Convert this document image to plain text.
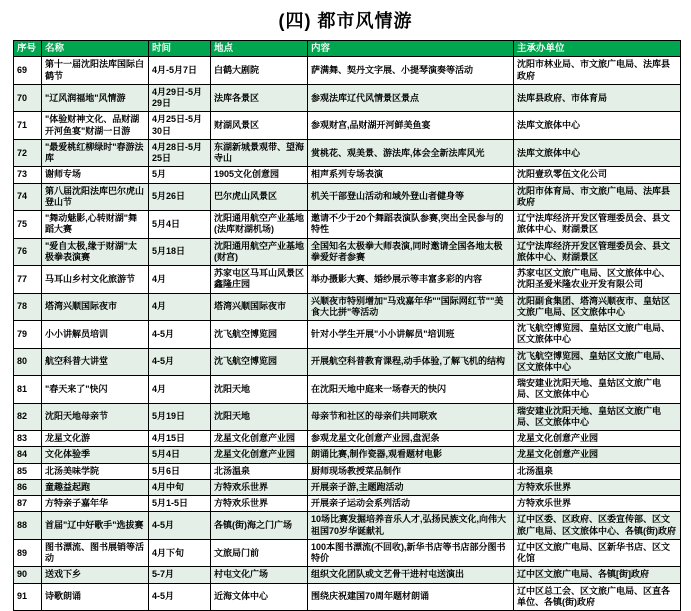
(四) 都市风情游
序号	名称	时间	地点	内容	主承办单位
69	第十一届沈阳法库国际白鹤节	4月-5月7日	白鹤大剧院	萨满舞、契丹文字展、小提琴演奏等活动	沈阳市林业局、市文旅广电局、法库县政府
70	"辽风润福地"风情游	4月29日-5月29日	法库各景区	参观法库辽代风情景区景点	法库县政府、市体育局
71	"体验财神文化、品财湖开河鱼宴"财湖一日游	4月25日-5月30日	财湖风景区	参观财宫,品财湖开河鲜美鱼宴	法库文旅体中心
72	"最爱桃红柳绿时"春游法库	4月28日-5月25日	东湖新城景观带、望海寺山	赏桃花、观美景、游法库,体会全新法库风光	法库文旅体中心
73	谢师专场	5月	1905文化创意园	相声系列专场表演	沈阳壹玖零伍文化公司
74	第八届沈阳法库巴尔虎山登山节	5月26日	巴尔虎山风景区	机关干部登山活动和域外登山者健身等	沈阳市体育局、市文旅广电局、法库县政府
75	"舞动魅影,心转财湖"舞蹈大赛	5月4日	沈阳通用航空产业基地(法库财湖机场)	邀请不少于20个舞蹈表演队参赛,突出全民参与的特性	辽宁法库经济开发区管理委员会、县文旅体中心、财湖景区
76	"爱自太极,缘于财湖"太极拳表演赛	5月18日	沈阳通用航空产业基地(财宫)	全国知名太极拳大师表演,同时邀请全国各地太极拳爱好者参赛	辽宁法库经济开发区管理委员会、县文旅体中心、财湖景区
77	马耳山乡村文化旅游节	4月	苏家屯区马耳山风景区鑫隆庄园	举办摄影大赛、婚纱展示等丰富多彩的内容	苏家屯区文旅广电局、区文旅体中心、沈阳圣爱米隆农业开发有限公司
78	塔湾兴顺国际夜市	4月	塔湾兴顺国际夜市	兴顺夜市特别增加"马戏嘉年华""国际网红节""美食大比拼"等活动	沈阳副食集团、塔湾兴顺夜市、皇姑区文旅广电局、区文旅体中心
79	小小讲解员培训	4-5月	沈飞航空博览园	针对小学生开展"小小讲解员"培训班	沈飞航空博览园、皇姑区文旅广电局、区文旅体中心
80	航空科普大讲堂	4-5月	沈飞航空博览园	开展航空科普教育课程,动手体验,了解飞机的结构	沈飞航空博览园、皇姑区文旅广电局、区文旅体中心
81	"春天来了"快闪	4月	沈阳天地	在沈阳天地中庭来一场春天的快闪	瑞安建业沈阳天地、皇姑区文旅广电局、区文旅体中心
82	沈阳天地母亲节	5月19日	沈阳天地	母亲节和社区的母亲们共同联欢	瑞安建业沈阳天地、皇姑区文旅广电局、区文旅体中心
83	龙星文化游	4月15日	龙星文化创意产业园	参观龙星文化创意产业园,盘泥条	龙星文化创意产业园
84	文化体验季	5月4日	龙星文化创意产业园	朗诵比赛,制作瓷器,观看题材电影	龙星文化创意产业园
85	北汤美味学院	5月6日	北汤温泉	厨师现场教授菜品制作	北汤温泉
86	童趣益起跑	4月中旬	方特欢乐世界	开展亲子游,主题跑活动	方特欢乐世界
87	方特亲子嘉年华	5月1-5日	方特欢乐世界	开展亲子运动会系列活动	方特欢乐世界
88	首届"辽中好歌手"选拔赛	4-5月	各镇(街)海之门广场	10场比赛发掘培养音乐人才,弘扬民族文化,向伟大祖国70岁华诞献礼	辽中区委、区政府、区委宣传部、区文旅广电局、区文旅体中心、各镇(街)政府
89	图书漂流、图书展销等活动	4月下旬	文旅局门前	100本图书漂流(不回收),新华书店等书店部分图书特价	辽中区文旅广电局、区新华书店、区文化馆
90	送戏下乡	5-7月	村屯文化广场	组织文化团队或文艺骨干进村屯送演出	辽中区文旅广电局、各镇[街]政府
91	诗歌朗诵	4-5月	近海文体中心	围绕庆祝建国70周年题材朗诵	辽中区总工会、区文旅广电局、区直各单位、各镇(街)政府
